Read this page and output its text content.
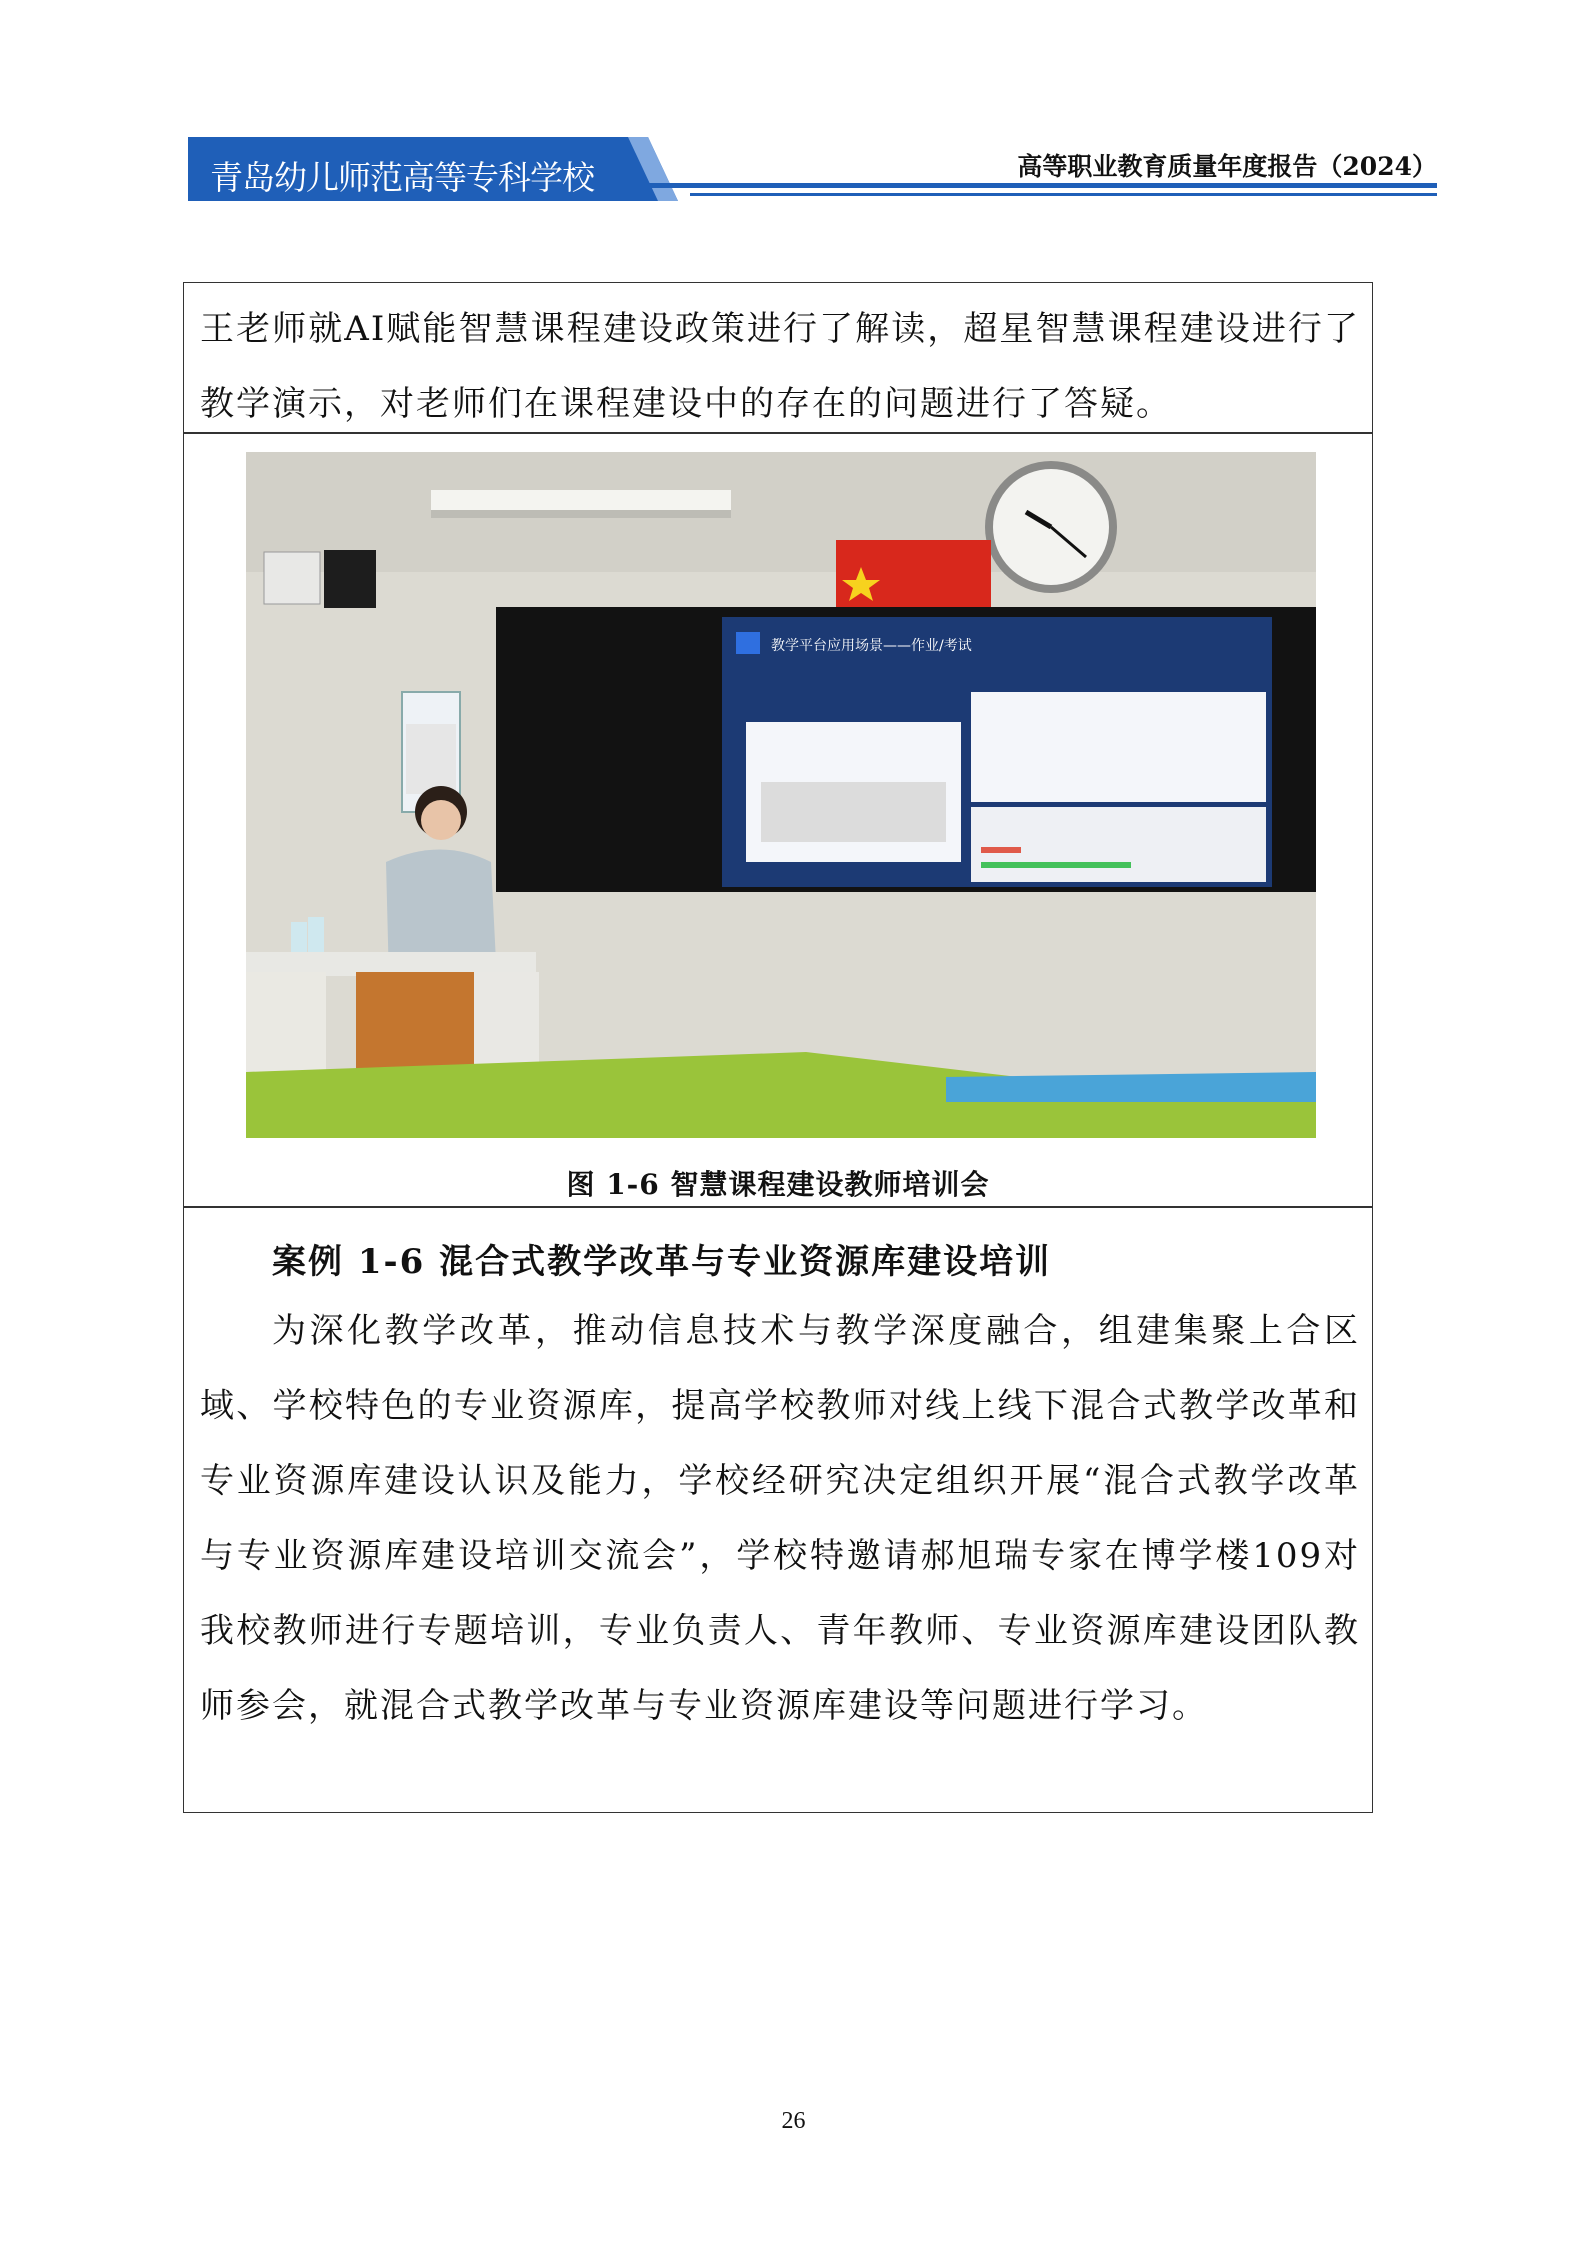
青岛幼儿师范高等专科学校	高等职业教育质量年度报告（2024）

王老师就AI赋能智慧课程建设政策进行了解读，超星智慧课程建设进行了教学演示，对老师们在课程建设中的存在的问题进行了答疑。

教学平台应用场景——作业/考试
图 1-6 智慧课程建设教师培训会
案例 1-6 混合式教学改革与专业资源库建设培训

为深化教学改革，推动信息技术与教学深度融合，组建集聚上合区域、学校特色的专业资源库，提高学校教师对线上线下混合式教学改革和专业资源库建设认识及能力，学校经研究决定组织开展“混合式教学改革与专业资源库建设培训交流会”，学校特邀请郝旭瑞专家在博学楼109对我校教师进行专题培训，专业负责人、青年教师、专业资源库建设团队教师参会，就混合式教学改革与专业资源库建设等问题进行学习。

26
